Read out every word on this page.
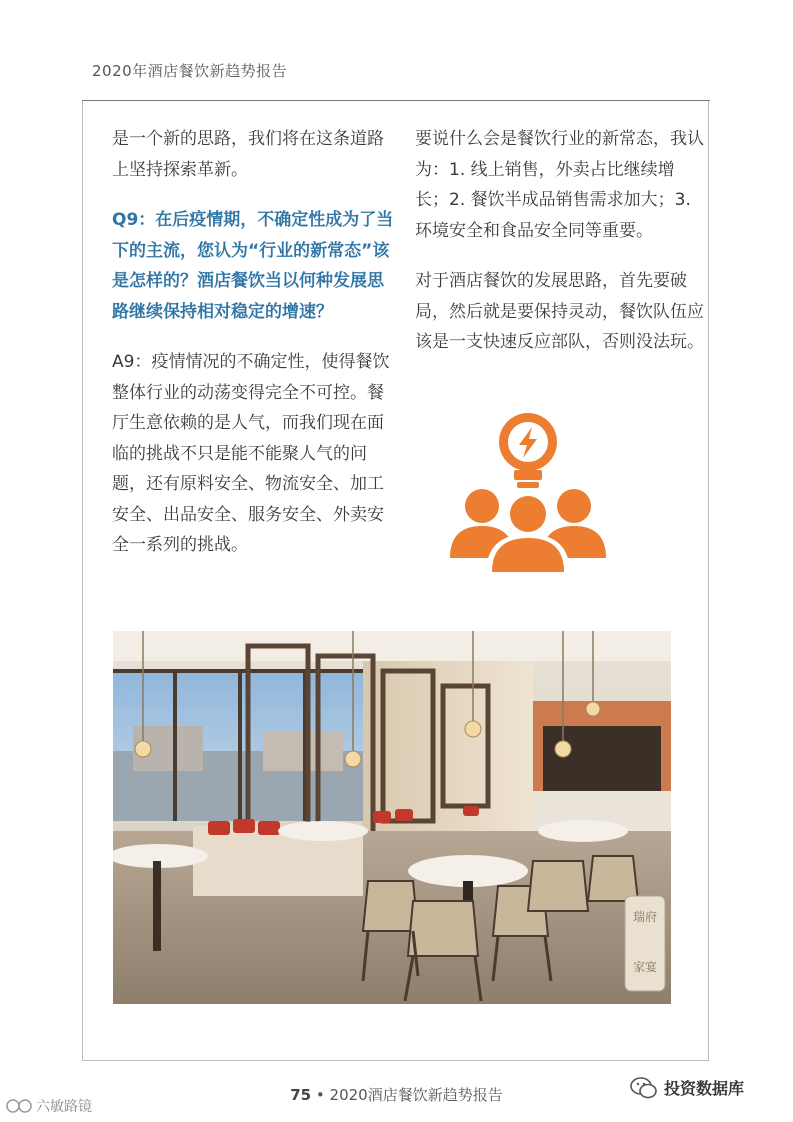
2020年酒店餐饮新趋势报告

是一个新的思路，我们将在这条道路上坚持探索革新。

Q9：在后疫情期，不确定性成为了当下的主流，您认为“行业的新常态”该是怎样的？酒店餐饮当以何种发展思路继续保持相对稳定的增速？

A9：疫情情况的不确定性，使得餐饮整体行业的动荡变得完全不可控。餐厅生意依赖的是人气，而我们现在面临的挑战不只是能不能聚人气的问题，还有原料安全、物流安全、加工安全、出品安全、服务安全、外卖安全一系列的挑战。

要说什么会是餐饮行业的新常态，我认为：1. 线上销售，外卖占比继续增长；2. 餐饮半成品销售需求加大；3. 环境安全和食品安全同等重要。

对于酒店餐饮的发展思路，首先要破局，然后就是要保持灵动，餐饮队伍应该是一支快速反应部队，否则没法玩。

瑞府
家宴
75 • 2020酒店餐饮新趋势报告	投资数据库
六敏路镜
